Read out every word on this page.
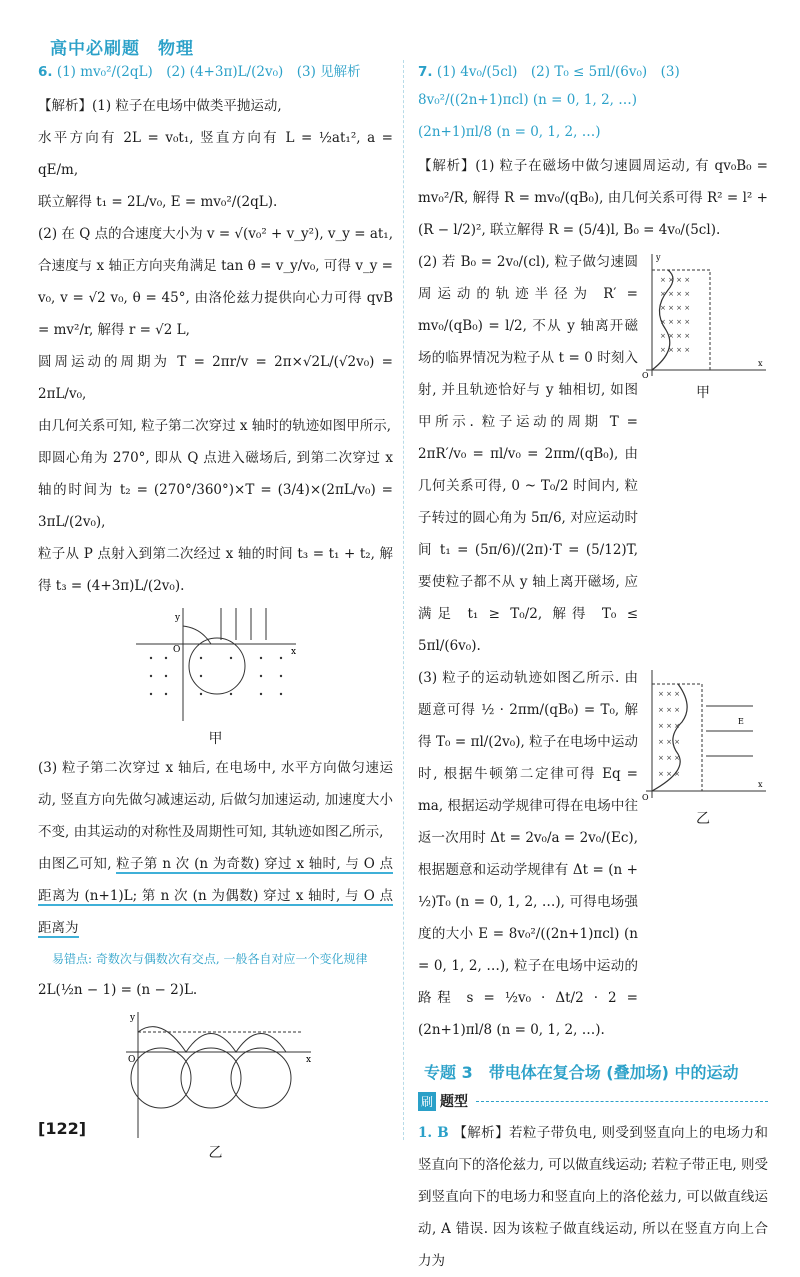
高中必刷题　物理
6. (1) mv₀²/(2qL)　(2) (4+3π)L/(2v₀)　(3) 见解析

【解析】(1) 粒子在电场中做类平抛运动,

水平方向有 2L = v₀t₁, 竖直方向有 L = ½at₁², a = qE/m,

联立解得 t₁ = 2L/v₀, E = mv₀²/(2qL).

(2) 在 Q 点的合速度大小为 v = √(v₀² + v_y²), v_y = at₁, 合速度与 x 轴正方向夹角满足 tan θ = v_y/v₀, 可得 v_y = v₀, v = √2 v₀, θ = 45°, 由洛伦兹力提供向心力可得 qvB = mv²/r, 解得 r = √2 L,

圆周运动的周期为 T = 2πr/v = 2π×√2L/(√2v₀) = 2πL/v₀,

由几何关系可知, 粒子第二次穿过 x 轴时的轨迹如图甲所示,

即圆心角为 270°, 即从 Q 点进入磁场后, 到第二次穿过 x 轴的时间为 t₂ = (270°/360°)×T = (3/4)×(2πL/v₀) = 3πL/(2v₀),

粒子从 P 点射入到第二次经过 x 轴的时间 t₃ = t₁ + t₂, 解得 t₃ = (4+3π)L/(2v₀).

y
x
O
甲

(3) 粒子第二次穿过 x 轴后, 在电场中, 水平方向做匀速运动, 竖直方向先做匀减速运动, 后做匀加速运动, 加速度大小不变, 由其运动的对称性及周期性可知, 其轨迹如图乙所示,

由图乙可知, 粒子第 n 次 (n 为奇数) 穿过 x 轴时, 与 O 点距离为 (n+1)L; 第 n 次 (n 为偶数) 穿过 x 轴时, 与 O 点距离为

易错点: 奇数次与偶数次有交点, 一般各自对应一个变化规律

2L(½n − 1) = (n − 2)L.

y
x
O
乙
7. (1) 4v₀/(5cl)　(2) T₀ ≤ 5πl/(6v₀)　(3) 8v₀²/((2n+1)πcl) (n = 0, 1, 2, …)
(2n+1)πl/8 (n = 0, 1, 2, …)

【解析】(1) 粒子在磁场中做匀速圆周运动, 有 qv₀B₀ = mv₀²/R, 解得 R = mv₀/(qB₀), 由几何关系可得 R² = l² + (R − l/2)², 联立解得 R = (5/4)l, B₀ = 4v₀/(5cl).

(2) 若 B₀ = 2v₀/(cl), 粒子做匀速圆周运动的轨迹半径为 R′ = mv₀/(qB₀) = l/2, 不从 y 轴离开磁场的临界情况为粒子从 t = 0 时刻入射, 并且轨迹恰好与 y 轴相切, 如图甲所示. 粒子运动的周期 T = 2πR′/v₀ = πl/v₀ = 2πm/(qB₀), 由几何关系可得, 0 ~ T₀/2 时间内, 粒子转过的圆心角为 5π/6, 对应运动时间 t₁ = (5π/6)/(2π)·T = (5/12)T, 要使粒子都不从 y 轴上离开磁场, 应满足 t₁ ≥ T₀/2, 解得 T₀ ≤ 5πl/(6v₀).

× × × ×
× × × ×
× × × ×
× × × ×
× × × ×
× × × ×
O
x
y
甲

(3) 粒子的运动轨迹如图乙所示. 由题意可得 ½ · 2πm/(qB₀) = T₀, 解得 T₀ = πl/(2v₀), 粒子在电场中运动时, 根据牛顿第二定律可得 Eq = ma, 根据运动学规律可得在电场中往返一次用时 Δt = 2v₀/a = 2v₀/(Ec), 根据题意和运动学规律有 Δt = (n + ½)T₀ (n = 0, 1, 2, …), 可得电场强度的大小 E = 8v₀²/((2n+1)πcl) (n = 0, 1, 2, …), 粒子在电场中运动的路程 s = ½v₀ · Δt/2 · 2 = (2n+1)πl/8 (n = 0, 1, 2, …).

× × ×
× × ×
× × ×
× × ×
× × ×
× × ×
O
x
E
乙
专题 3　带电体在复合场 (叠加场) 中的运动
刷 题型

1. B 【解析】若粒子带负电, 则受到竖直向上的电场力和竖直向下的洛伦兹力, 可以做直线运动; 若粒子带正电, 则受到竖直向下的电场力和竖直向上的洛伦兹力, 可以做直线运动, A 错误. 因为该粒子做直线运动, 所以在竖直方向上合力为

[122]
